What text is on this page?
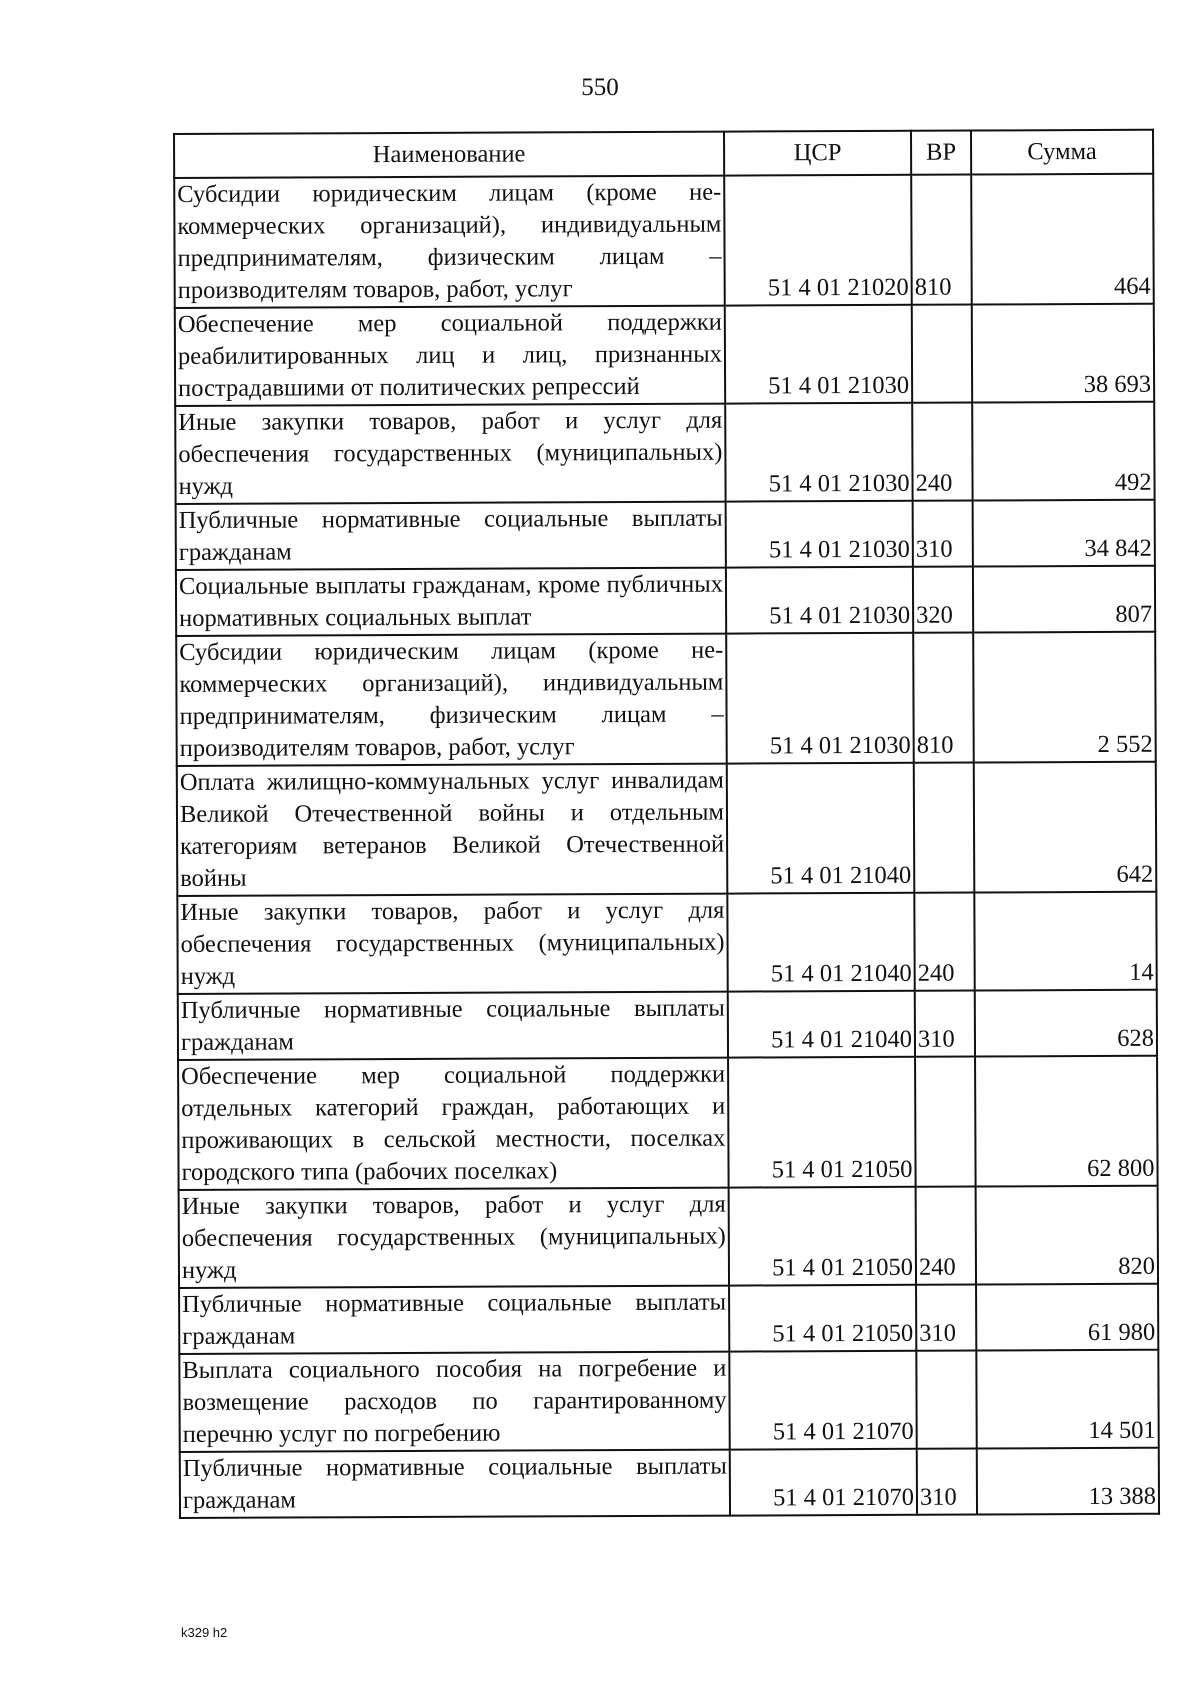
550
Наименование	ЦСР	ВР	Сумма
Субсидии юридическим лицам (кроме некоммерческих организаций), индивидуальным предпринимателям, физическим лицам – производителям товаров, работ, услуг	51 4 01 21020	810	464
Обеспечение мер социальной поддержки реабилитированных лиц и лиц, признанных пострадавшими от политических репрессий	51 4 01 21030		38 693
Иные закупки товаров, работ и услуг для обеспечения государственных (муниципальных) нужд	51 4 01 21030	240	492
Публичные нормативные социальные выплаты гражданам	51 4 01 21030	310	34 842
Социальные выплаты гражданам, кроме публичных нормативных социальных выплат	51 4 01 21030	320	807
Субсидии юридическим лицам (кроме некоммерческих организаций), индивидуальным предпринимателям, физическим лицам – производителям товаров, работ, услуг	51 4 01 21030	810	2 552
Оплата жилищно-коммунальных услуг инвалидам Великой Отечественной войны и отдельным категориям ветеранов Великой Отечественной войны	51 4 01 21040		642
Иные закупки товаров, работ и услуг для обеспечения государственных (муниципальных) нужд	51 4 01 21040	240	14
Публичные нормативные социальные выплаты гражданам	51 4 01 21040	310	628
Обеспечение мер социальной поддержки отдельных категорий граждан, работающих и проживающих в сельской местности, поселках городского типа (рабочих поселках)	51 4 01 21050		62 800
Иные закупки товаров, работ и услуг для обеспечения государственных (муниципальных) нужд	51 4 01 21050	240	820
Публичные нормативные социальные выплаты гражданам	51 4 01 21050	310	61 980
Выплата социального пособия на погребение и возмещение расходов по гарантированному перечню услуг по погребению	51 4 01 21070		14 501
Публичные нормативные социальные выплаты гражданам	51 4 01 21070	310	13 388
k329 h2
